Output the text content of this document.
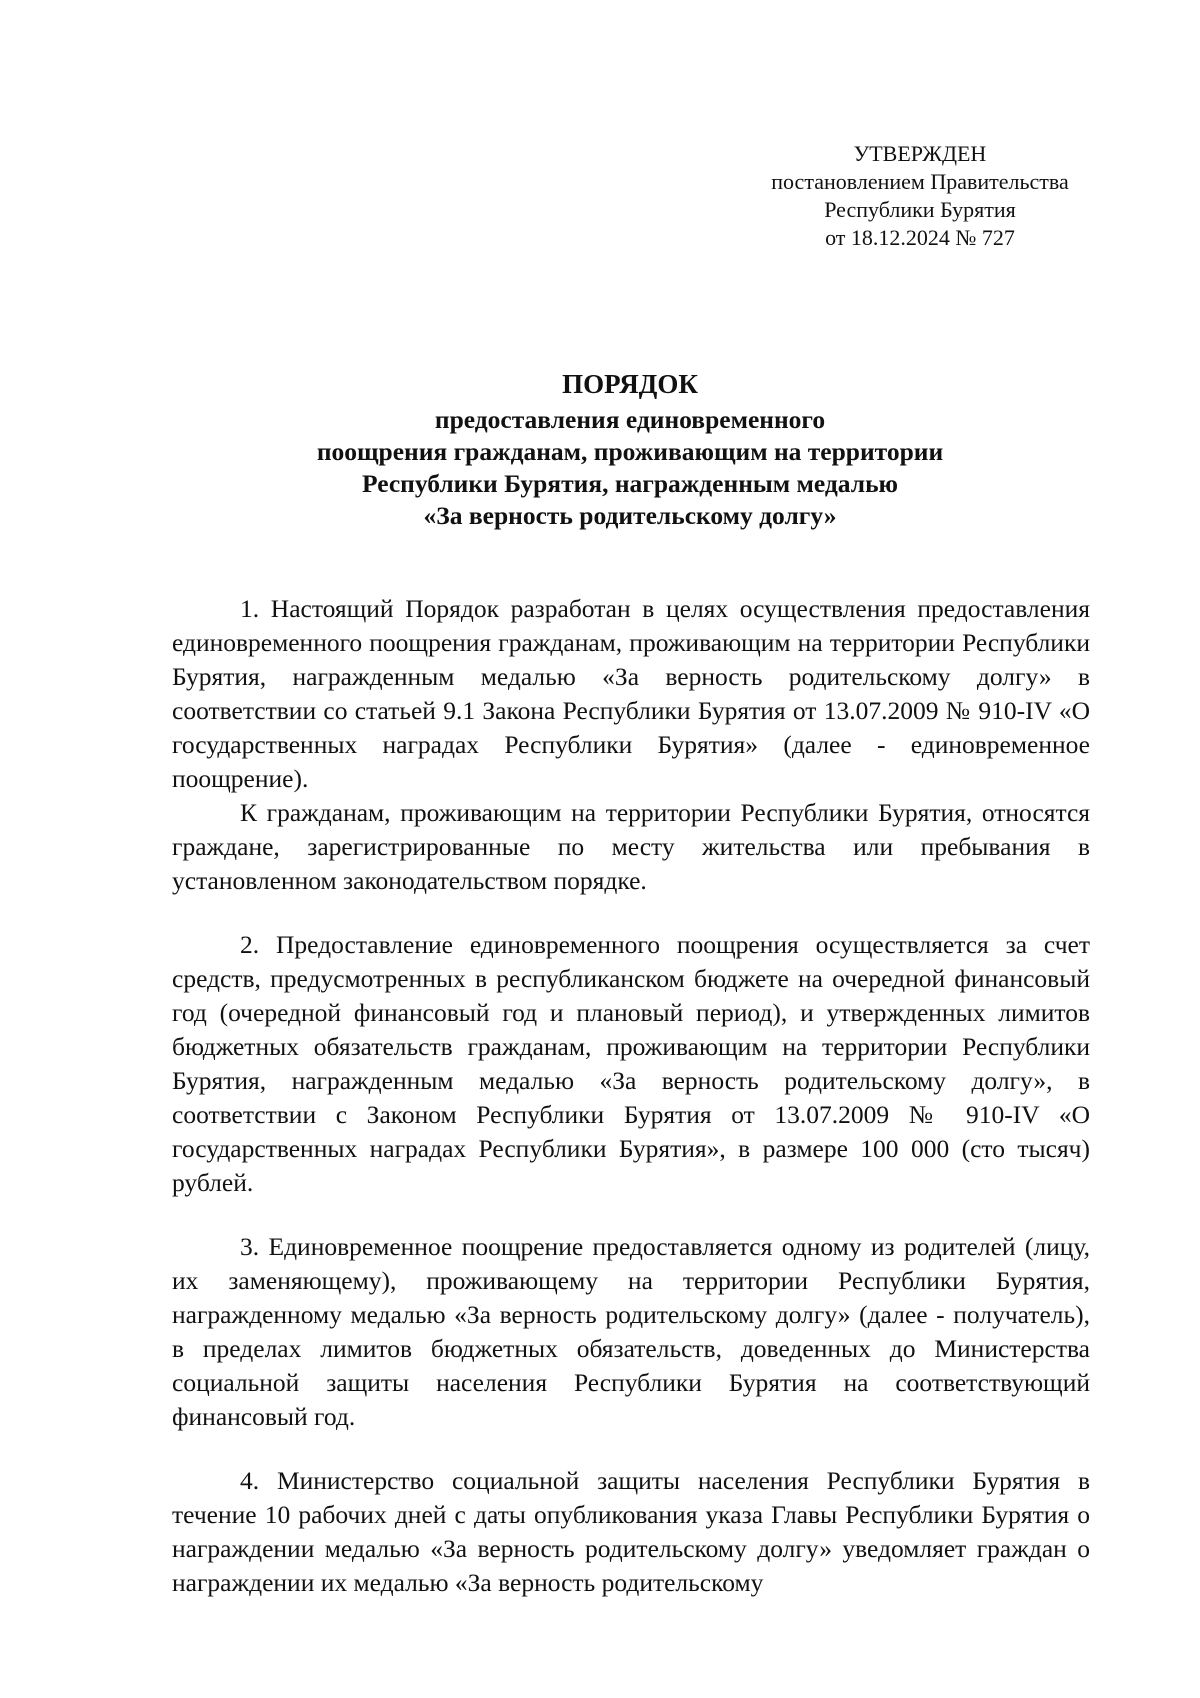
УТВЕРЖДЕН
постановлением Правительства
Республики Бурятия
от 18.12.2024 № 727
ПОРЯДОК
предоставления единовременного
поощрения гражданам, проживающим на территории
Республики Бурятия, награжденным медалью
«За верность родительскому долгу»

1. Настоящий Порядок разработан в целях осуществления предоставления единовременного поощрения гражданам, проживающим на территории Республики Бурятия, награжденным медалью «За верность родительскому долгу» в соответствии со статьей 9.1 Закона Республики Бурятия от 13.07.2009 № 910-IV «О государственных наградах Республики Бурятия» (далее - единовременное поощрение).

К гражданам, проживающим на территории Республики Бурятия, относятся граждане, зарегистрированные по месту жительства или пребывания в установленном законодательством порядке.

2. Предоставление единовременного поощрения осуществляется за счет средств, предусмотренных в республиканском бюджете на очередной финансовый год (очередной финансовый год и плановый период), и утвержденных лимитов бюджетных обязательств гражданам, проживающим на территории Республики Бурятия, награжденным медалью «За верность родительскому долгу», в соответствии с Законом Республики Бурятия от 13.07.2009 № 910-IV «О государственных наградах Республики Бурятия», в размере 100 000 (сто тысяч) рублей.

3. Единовременное поощрение предоставляется одному из родителей (лицу, их заменяющему), проживающему на территории Республики Бурятия, награжденному медалью «За верность родительскому долгу» (далее - получатель), в пределах лимитов бюджетных обязательств, доведенных до Министерства социальной защиты населения Республики Бурятия на соответствующий финансовый год.

4. Министерство социальной защиты населения Республики Бурятия в течение 10 рабочих дней с даты опубликования указа Главы Республики Бурятия о награждении медалью «За верность родительскому долгу» уведомляет граждан о награждении их медалью «За верность родительскому
